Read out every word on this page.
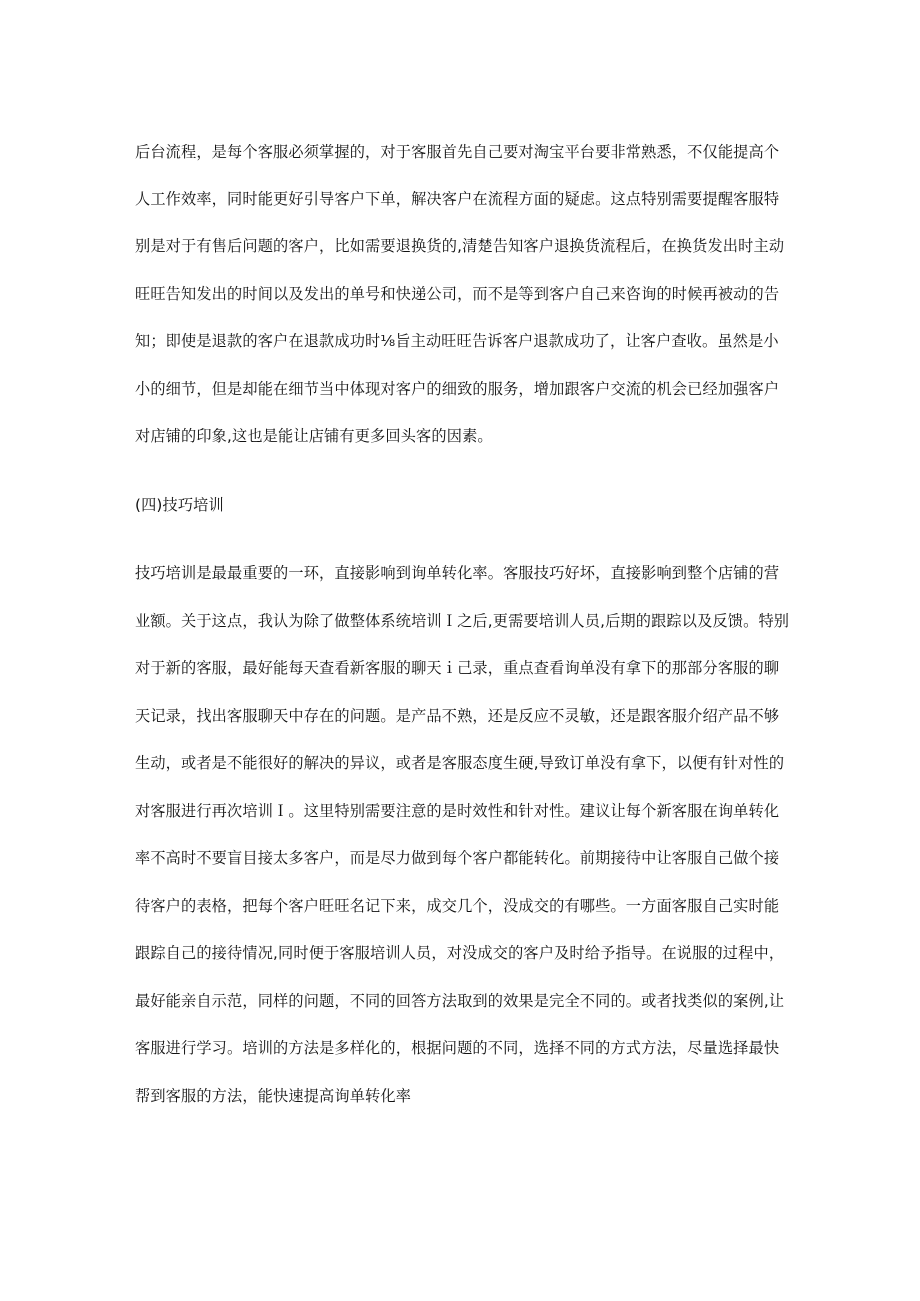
后台流程，是每个客服必须掌握的，对于客服首先自己要对淘宝平台要非常熟悉，不仅能提高个
人工作效率，同时能更好引导客户下单，解决客户在流程方面的疑虑。这点特别需要提醒客服特
别是对于有售后问题的客户，比如需要退换货的,清楚告知客户退换货流程后，在换货发出时主动
旺旺告知发出的时间以及发出的单号和快递公司，而不是等到客户自己来咨询的时候再被动的告
知；即使是退款的客户在退款成功时⅛旨主动旺旺告诉客户退款成功了，让客户查收。虽然是小
小的细节，但是却能在细节当中体现对客户的细致的服务，增加跟客户交流的机会已经加强客户
对店铺的印象,这也是能让店铺有更多回头客的因素。
(四)技巧培训
技巧培训是最最重要的一环，直接影响到询单转化率。客服技巧好坏，直接影响到整个店铺的营
业额。关于这点，我认为除了做整体系统培训Ｉ之后,更需要培训人员,后期的跟踪以及反馈。特别
对于新的客服，最好能每天查看新客服的聊天ｉ己录，重点查看询单没有拿下的那部分客服的聊
天记录，找出客服聊天中存在的问题。是产品不熟，还是反应不灵敏，还是跟客服介绍产品不够
生动，或者是不能很好的解决的异议，或者是客服态度生硬,导致订单没有拿下，以便有针对性的
对客服进行再次培训Ｉ。这里特别需要注意的是时效性和针对性。建议让每个新客服在询单转化
率不高时不要盲目接太多客户，而是尽力做到每个客户都能转化。前期接待中让客服自己做个接
待客户的表格，把每个客户旺旺名记下来，成交几个，没成交的有哪些。一方面客服自己实时能
跟踪自己的接待情况,同时便于客服培训人员，对没成交的客户及时给予指导。在说服的过程中，
最好能亲自示范，同样的问题，不同的回答方法取到的效果是完全不同的。或者找类似的案例,让
客服进行学习。培训的方法是多样化的，根据问题的不同，选择不同的方式方法，尽量选择最快
帮到客服的方法，能快速提高询单转化率
